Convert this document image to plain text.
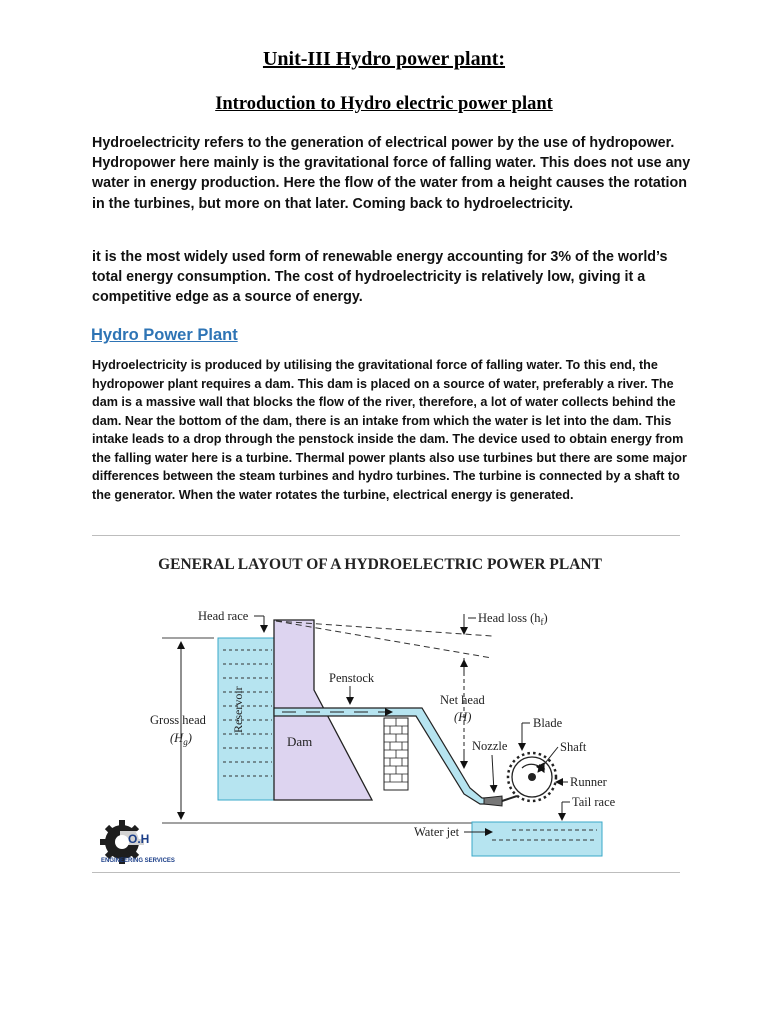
Unit-III Hydro power plant:
Introduction to Hydro electric power plant
Hydroelectricity refers to the generation of electrical power by the use of hydropower. Hydropower here mainly is the gravitational force of falling water. This does not use any water in energy production. Here the flow of the water from a height causes the rotation in the turbines, but more on that later. Coming back to hydroelectricity.
it is the most widely used form of renewable energy accounting for 3% of the world’s total energy consumption. The cost of hydroelectricity is relatively low, giving it a competitive edge as a source of energy.
Hydro Power Plant
Hydroelectricity is produced by utilising the gravitational force of falling water. To this end, the hydropower plant requires a dam. This dam is placed on a source of water, preferably a river. The dam is a massive wall that blocks the flow of the river, therefore, a lot of water collects behind the dam. Near the bottom of the dam, there is an intake from which the water is let into the dam. This intake leads to a drop through the penstock inside the dam. The device used to obtain energy from the falling water here is a turbine. Thermal power plants also use turbines but there are some major differences between the steam turbines and hydro turbines. The turbine is connected by a shaft to the generator. When the water rotates the turbine, electrical energy is generated.
GENERAL LAYOUT OF A HYDROELECTRIC POWER PLANT
Reservoir
Dam
Head race	Head loss $(h_f)$
Penstock
Net head
(H)
Gross head
$(H_g)$
Blade
Nozzle	Shaft
Runner
Tail race
Water jet
O.H
ENGINEERING SERVICES
